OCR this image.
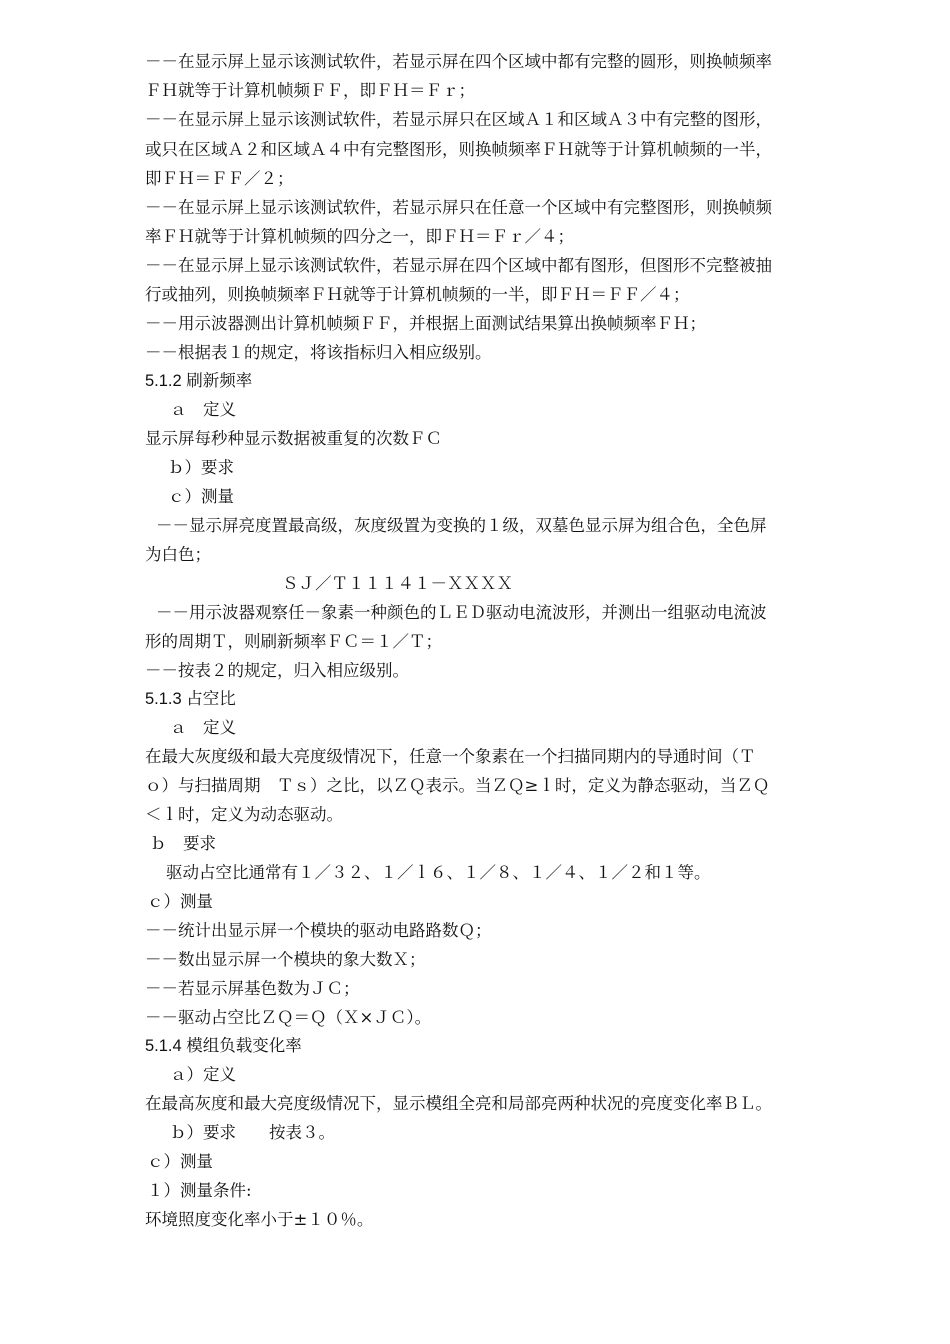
－－在显示屏上显示该测试软件，若显示屏在四个区域中都有完整的圆形，则换帧频率
ＦＨ就等于计算机帧频ＦＦ，即ＦＨ＝Ｆｒ；
－－在显示屏上显示该测试软件，若显示屏只在区域Ａ１和区域Ａ３中有完整的图形，
或只在区域Ａ２和区域Ａ４中有完整图形，则换帧频率ＦＨ就等于计算机帧频的一半，
即ＦＨ＝ＦＦ／２；
－－在显示屏上显示该测试软件，若显示屏只在任意一个区域中有完整图形，则换帧频
率ＦＨ就等于计算机帧频的四分之一，即ＦＨ＝Ｆｒ／４；
－－在显示屏上显示该测试软件，若显示屏在四个区域中都有图形，但图形不完整被抽
行或抽列，则换帧频率ＦＨ就等于计算机帧频的一半，即ＦＨ＝ＦＦ／４；
－－用示波器测出计算机帧频ＦＦ，并根据上面测试结果算出换帧频率ＦＨ；
－－根据表１的规定，将该指标归入相应级别。
5.1.2 刷新频率
ａ　定义
显示屏每秒种显示数据被重复的次数ＦＣ
ｂ）要求
ｃ）测量
－－显示屏亮度置最高级，灰度级置为变换的１级，双墓色显示屏为组合色，全色屏
为白色；
ＳＪ／Ｔ１１１４１－ＸＸＸＸ
－－用示波器观察任－象素一种颜色的ＬＥＤ驱动电流波形，并测出一组驱动电流波
形的周期Ｔ，则刷新频率ＦＣ＝１／Ｔ；
－－按表２的规定，归入相应级别。
5.1.3 占空比
ａ　定义
在最大灰度级和最大亮度级情况下，任意一个象素在一个扫描同期内的导通时间（Ｔ
ｏ）与扫描周期　Ｔｓ）之比，以ＺＱ表示。当ＺＱ≥ｌ时，定义为静态驱动，当ＺＱ
＜ｌ时，定义为动态驱动。
ｂ　要求
驱动占空比通常有１／３２、１／ｌ６、１／８、１／４、１／２和１等。
ｃ）测量
－－统计出显示屏一个模块的驱动电路路数Ｑ；
－－数出显示屏一个模块的象大数Ｘ；
－－若显示屏基色数为ＪＣ；
－－驱动占空比ＺＱ＝Ｑ（Ｘ×ＪＣ）。
5.1.4 模组负载变化率
ａ）定义
在最高灰度和最大亮度级情况下，显示模组全亮和局部亮两种状况的亮度变化率ＢＬ。
ｂ）要求　　按表３。
ｃ）测量
１）测量条件:
环境照度变化率小于±１０％。
